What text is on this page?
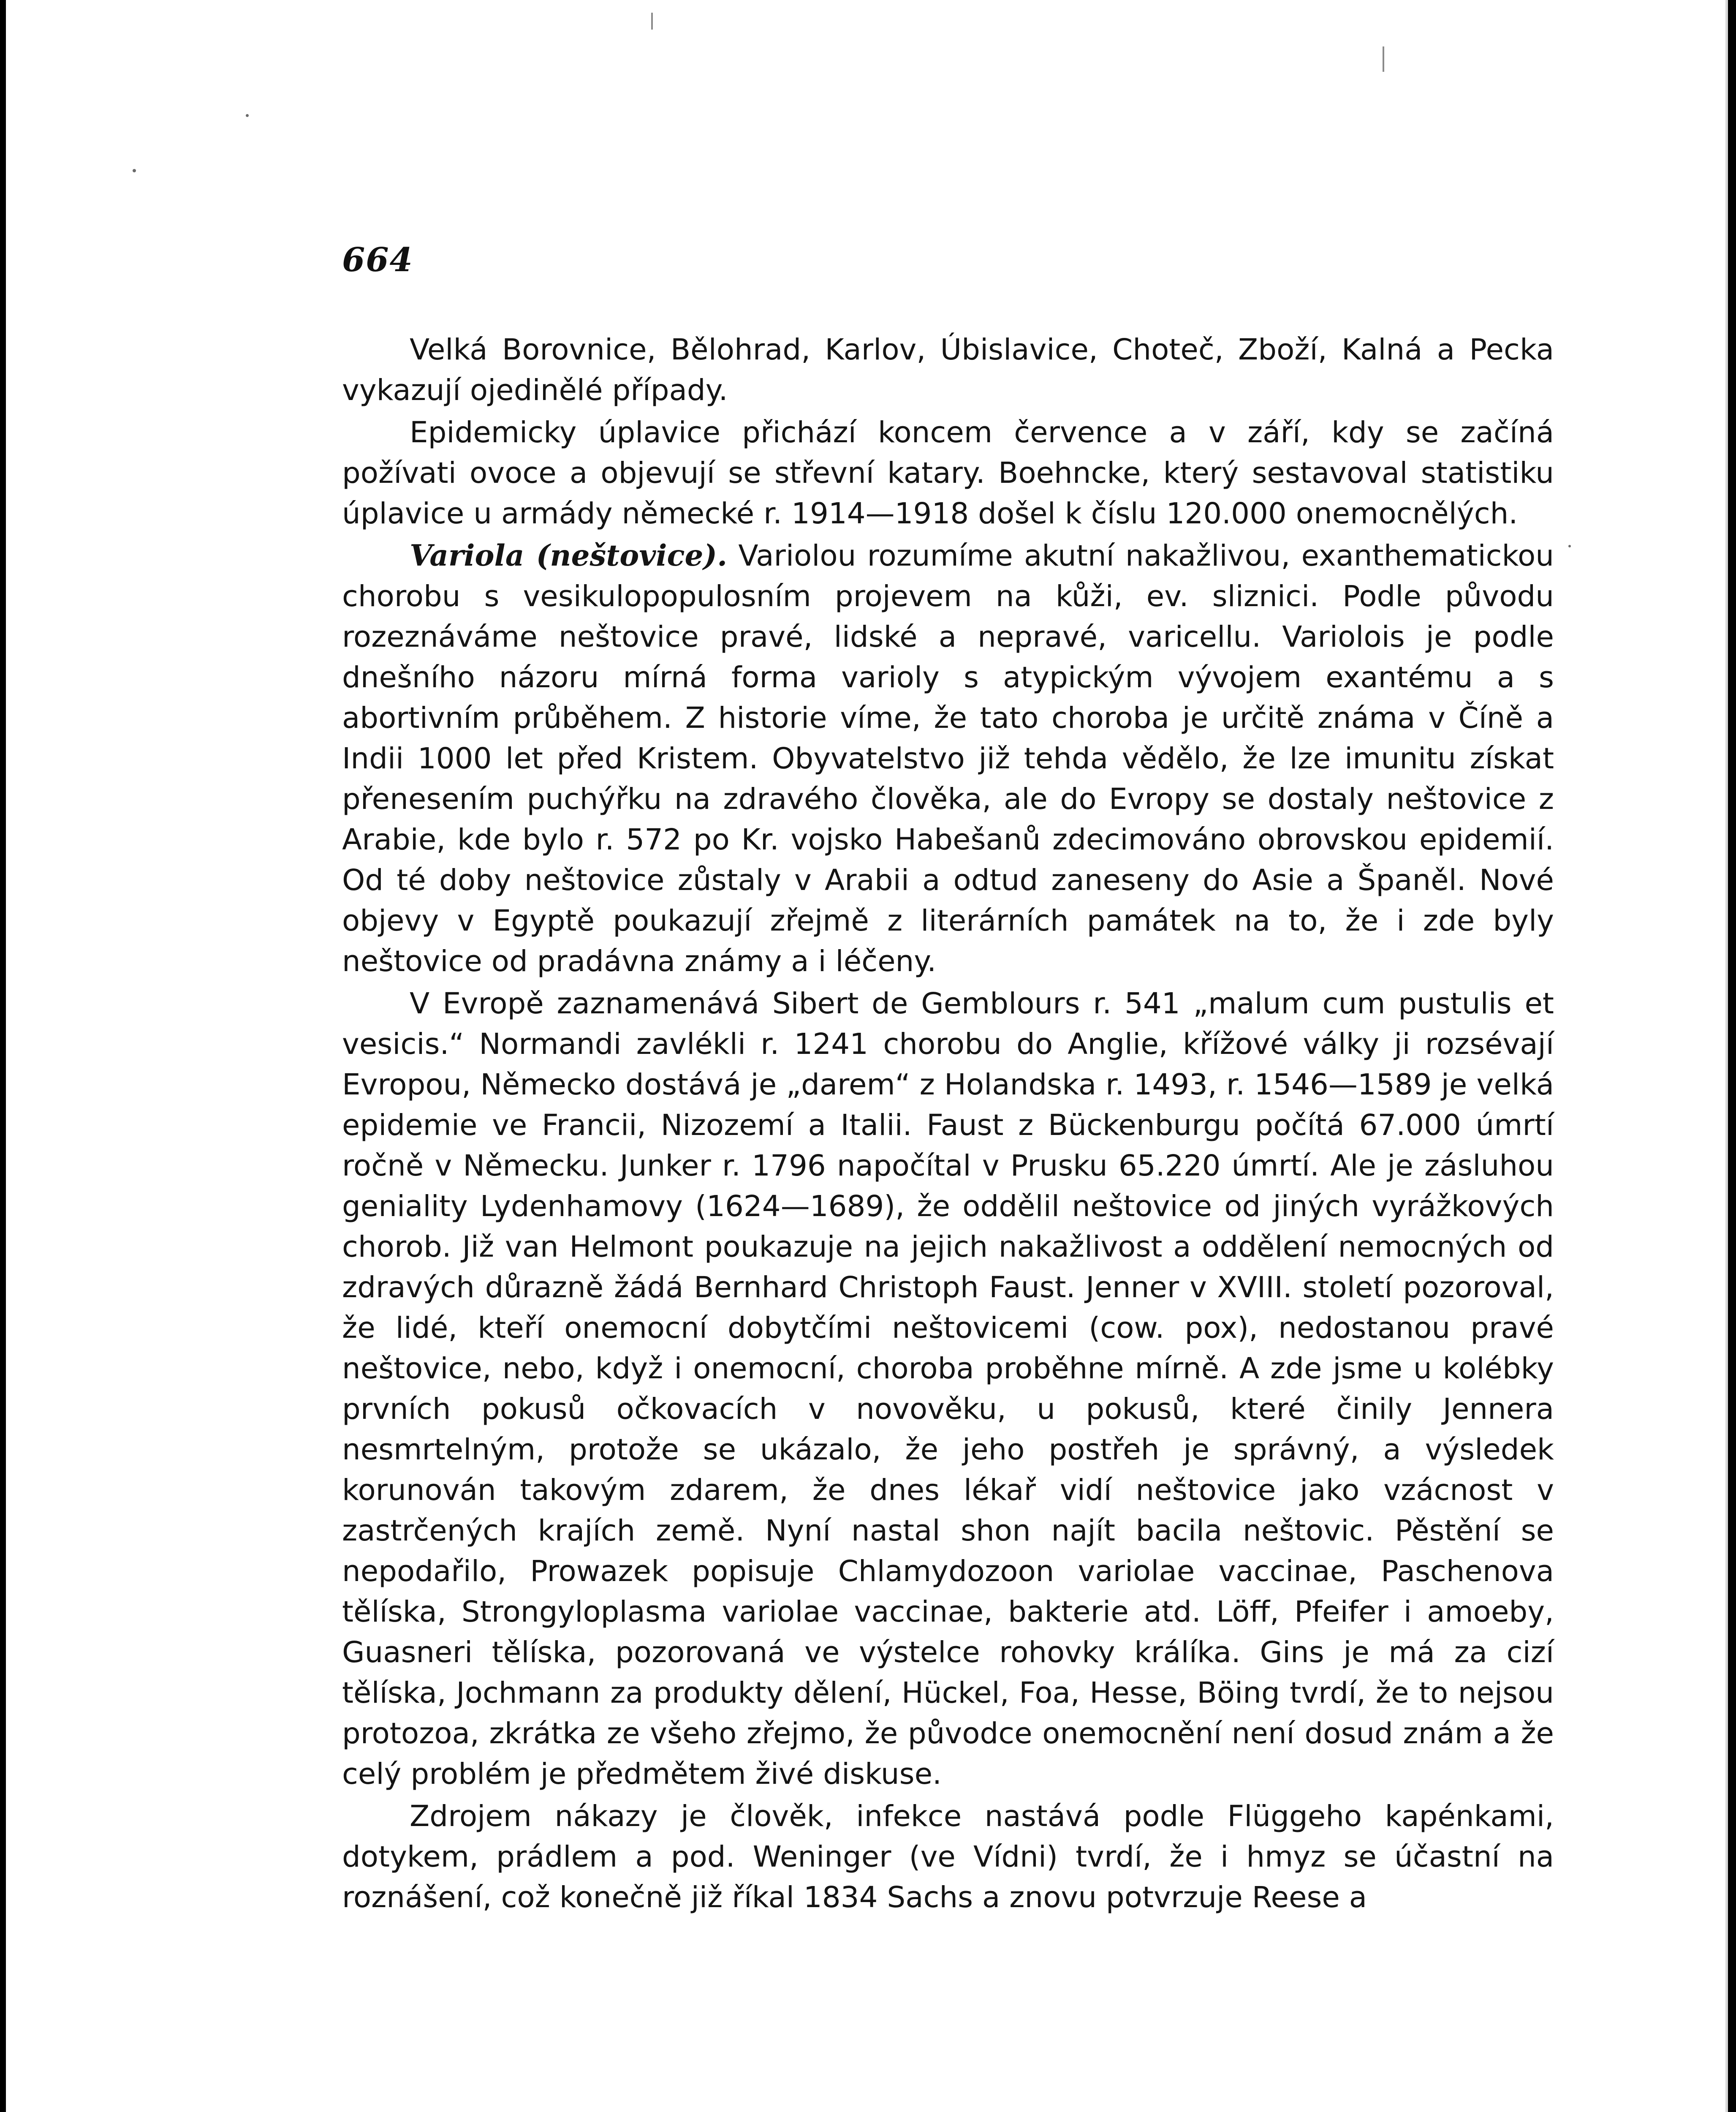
664

Velká Borovnice, Bělohrad, Karlov, Úbislavice, Choteč, Zboží, Kalná a Pecka vykazují ojedinělé případy.

Epidemicky úplavice přichází koncem července a v září, kdy se začíná požívati ovoce a objevují se střevní katary. Boehncke, který sestavoval statistiku úplavice u armády německé r. 1914—1918 došel k číslu 120.000 onemocnělých.

Variola (neštovice). Variolou rozumíme akutní nakažlivou, exanthematickou chorobu s vesikulopopulosním projevem na kůži, ev. sliznici. Podle původu rozeznáváme neštovice pravé, lidské a nepravé, varicellu. Variolois je podle dnešního názoru mírná forma varioly s atypickým vývojem exantému a s abortivním průběhem. Z historie víme, že tato choroba je určitě známa v Číně a Indii 1000 let před Kristem. Obyvatelstvo již tehda vědělo, že lze imunitu získat přenesením puchýřku na zdravého člověka, ale do Evropy se dostaly neštovice z Arabie, kde bylo r. 572 po Kr. vojsko Habešanů zdecimováno obrovskou epidemií. Od té doby neštovice zůstaly v Arabii a odtud zaneseny do Asie a Španěl. Nové objevy v Egyptě poukazují zřejmě z literárních památek na to, že i zde byly neštovice od pradávna známy a i léčeny.

V Evropě zaznamenává Sibert de Gemblours r. 541 „malum cum pustulis et vesicis.“ Normandi zavlékli r. 1241 chorobu do Anglie, křížové války ji rozsévají Evropou, Německo dostává je „darem“ z Holandska r. 1493, r. 1546—1589 je velká epidemie ve Francii, Nizozemí a Italii. Faust z Bückenburgu počítá 67.000 úmrtí ročně v Německu. Junker r. 1796 napočítal v Prusku 65.220 úmrtí. Ale je zásluhou geniality Lydenhamovy (1624—1689), že oddělil neštovice od jiných vyrážkových chorob. Již van Helmont poukazuje na jejich nakažlivost a oddělení nemocných od zdravých důrazně žádá Bernhard Christoph Faust. Jenner v XVIII. století pozoroval, že lidé, kteří onemocní dobytčími neštovicemi (cow. pox), nedostanou pravé neštovice, nebo, když i onemocní, choroba proběhne mírně. A zde jsme u kolébky prvních pokusů očkovacích v novověku, u pokusů, které činily Jennera nesmrtelným, protože se ukázalo, že jeho postřeh je správný, a výsledek korunován takovým zdarem, že dnes lékař vidí neštovice jako vzácnost v zastrčených krajích země. Nyní nastal shon najít bacila neštovic. Pěstění se nepodařilo, Prowazek popisuje Chlamydozoon variolae vaccinae, Paschenova tělíska, Strongyloplasma variolae vaccinae, bakterie atd. Löff, Pfeifer i amoeby, Guasneri tělíska, pozorovaná ve výstelce rohovky králíka. Gins je má za cizí tělíska, Jochmann za produkty dělení, Hückel, Foa, Hesse, Böing tvrdí, že to nejsou protozoa, zkrátka ze všeho zřejmo, že původce onemocnění není dosud znám a že celý problém je předmětem živé diskuse.

Zdrojem nákazy je člověk, infekce nastává podle Flüggeho kapénkami, dotykem, prádlem a pod. Weninger (ve Vídni) tvrdí, že i hmyz se účastní na roznášení, což konečně již říkal 1834 Sachs a znovu potvrzuje Reese a
